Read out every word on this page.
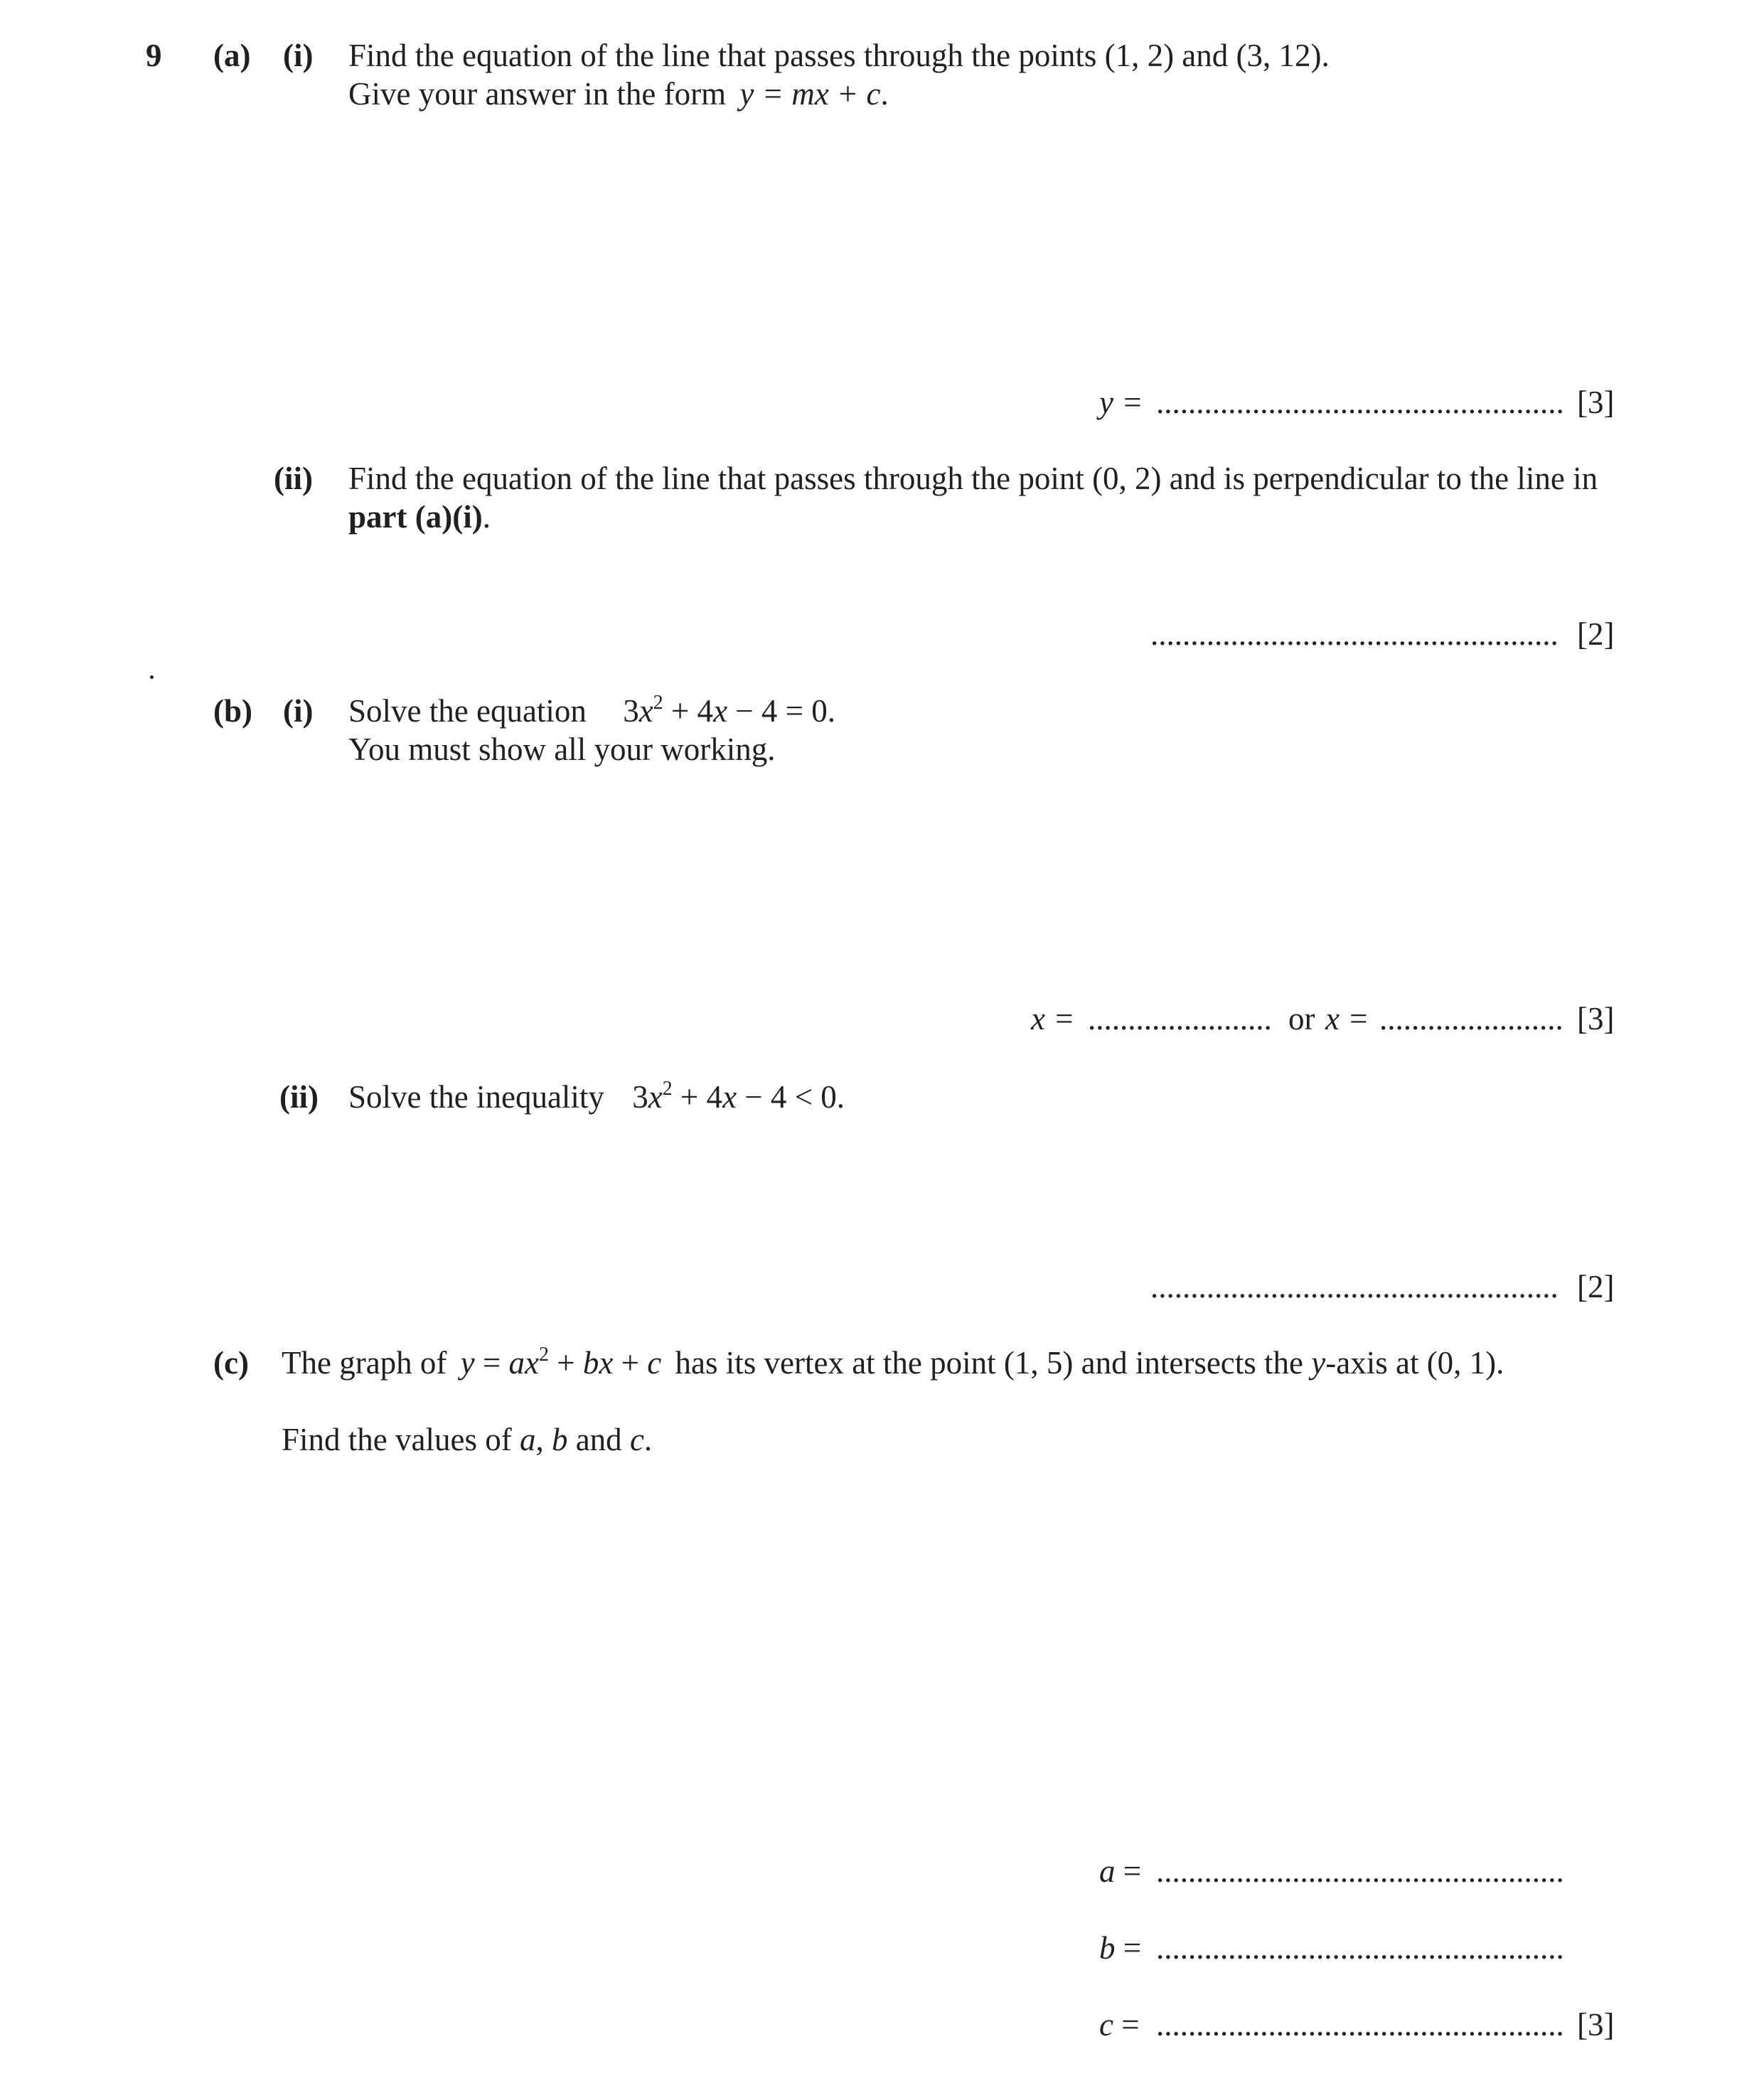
9 (a) (i) Find the equation of the line that passes through the points (1, 2) and (3, 12).
Give your answer in the form y = mx + c.
y = ................................................... [3]
(ii) Find the equation of the line that passes through the point (0, 2) and is perpendicular to the line in
part (a)(i).
................................................... [2]
(b) (i) Solve the equation $3x^2 + 4x - 4 = 0$.
You must show all your working.
x = ....................... or x = ....................... [3]
(ii) Solve the inequality $3x^2 + 4x - 4 < 0$.
................................................... [2]
(c) The graph of $y = ax^2$ + bx + c has its vertex at the point (1, 5) and intersects the y-axis at (0, 1).
Find the values of a, b and c.
a = ...................................................
b = ...................................................
c = ................................................... [3]
